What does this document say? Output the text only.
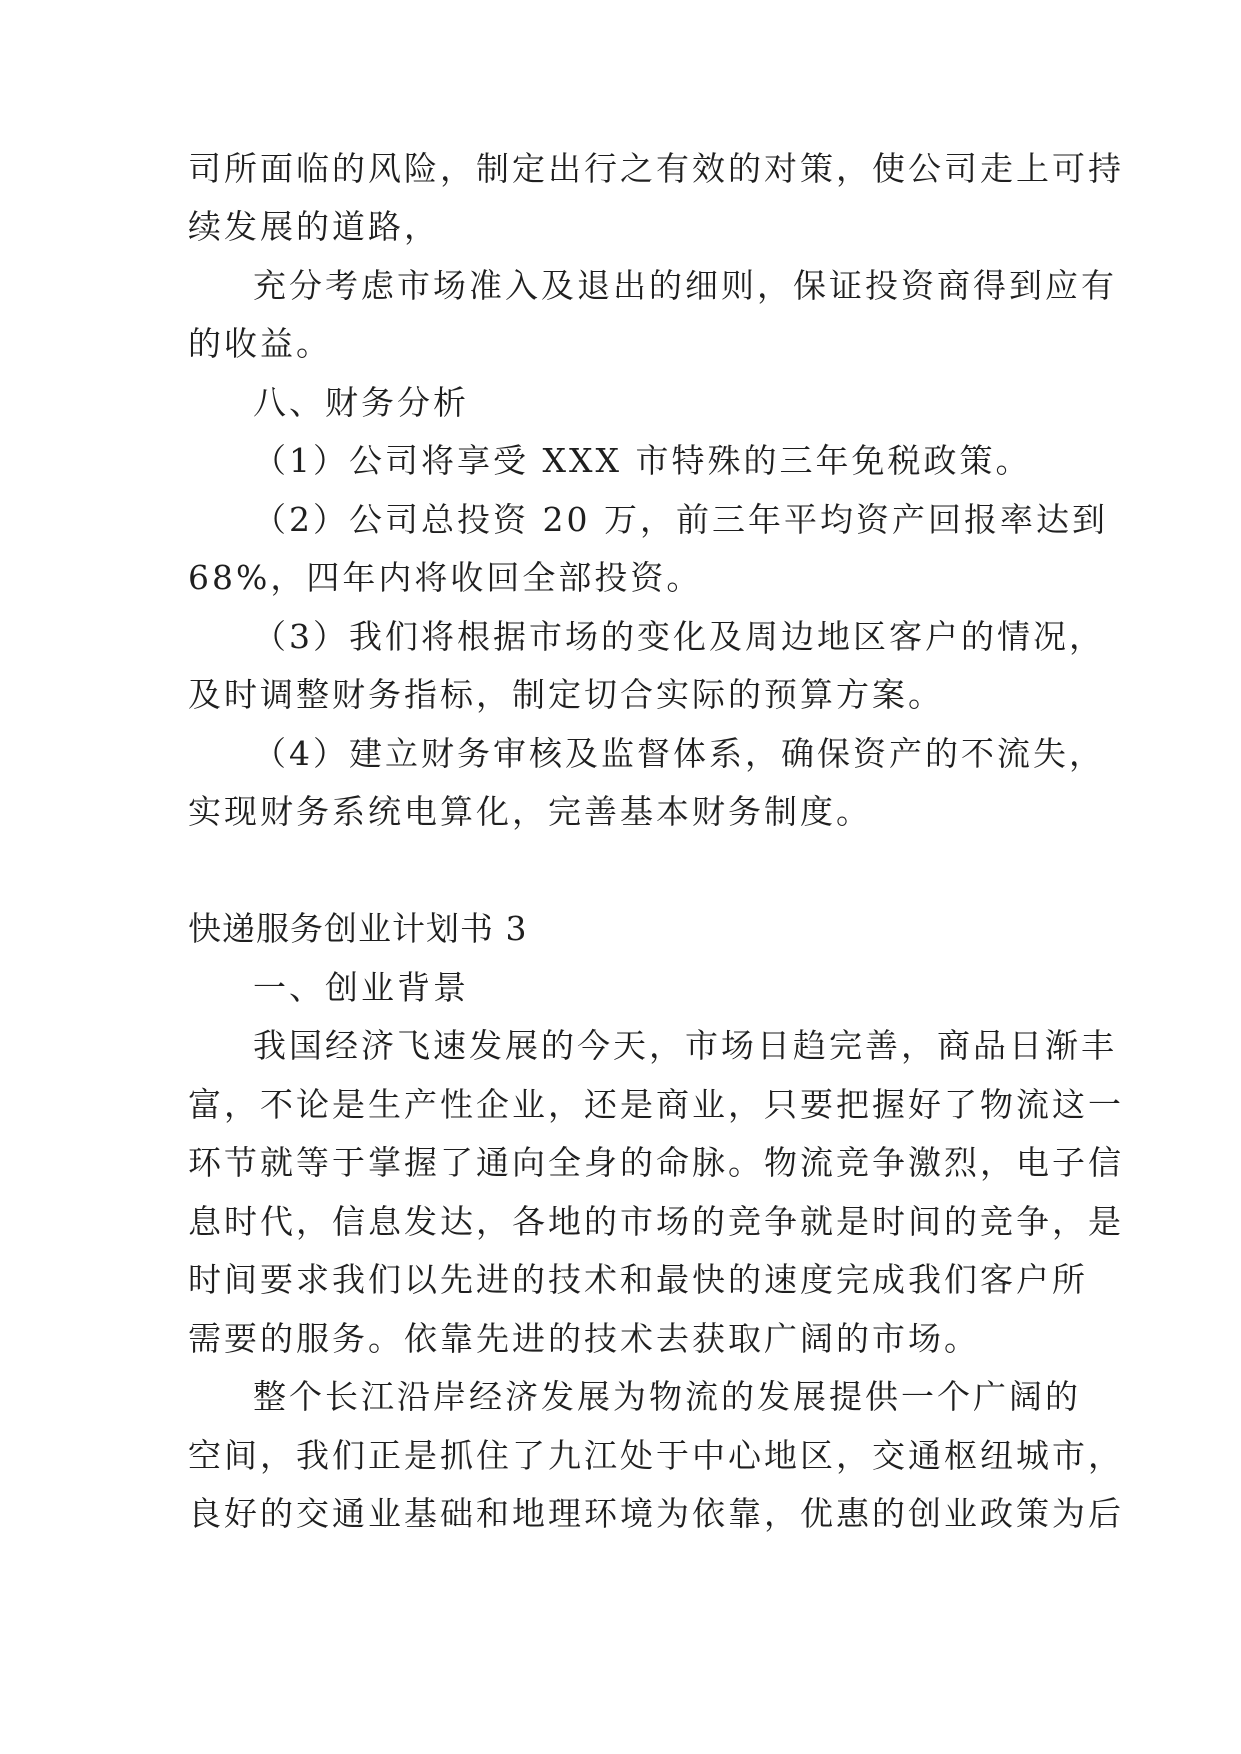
司所面临的风险，制定出行之有效的对策，使公司走上可持
续发展的道路，
充分考虑市场准入及退出的细则，保证投资商得到应有
的收益。
八、财务分析
（1）公司将享受 XXX 市特殊的三年免税政策。
（2）公司总投资 20 万，前三年平均资产回报率达到
68%，四年内将收回全部投资。
（3）我们将根据市场的变化及周边地区客户的情况，
及时调整财务指标，制定切合实际的预算方案。
（4）建立财务审核及监督体系，确保资产的不流失，
实现财务系统电算化，完善基本财务制度。
快递服务创业计划书 3
一、创业背景
我国经济飞速发展的今天，市场日趋完善，商品日渐丰
富，不论是生产性企业，还是商业，只要把握好了物流这一
环节就等于掌握了通向全身的命脉。物流竞争激烈，电子信
息时代，信息发达，各地的市场的竞争就是时间的竞争，是
时间要求我们以先进的技术和最快的速度完成我们客户所
需要的服务。依靠先进的技术去获取广阔的市场。
整个长江沿岸经济发展为物流的发展提供一个广阔的
空间，我们正是抓住了九江处于中心地区，交通枢纽城市，
良好的交通业基础和地理环境为依靠，优惠的创业政策为后
